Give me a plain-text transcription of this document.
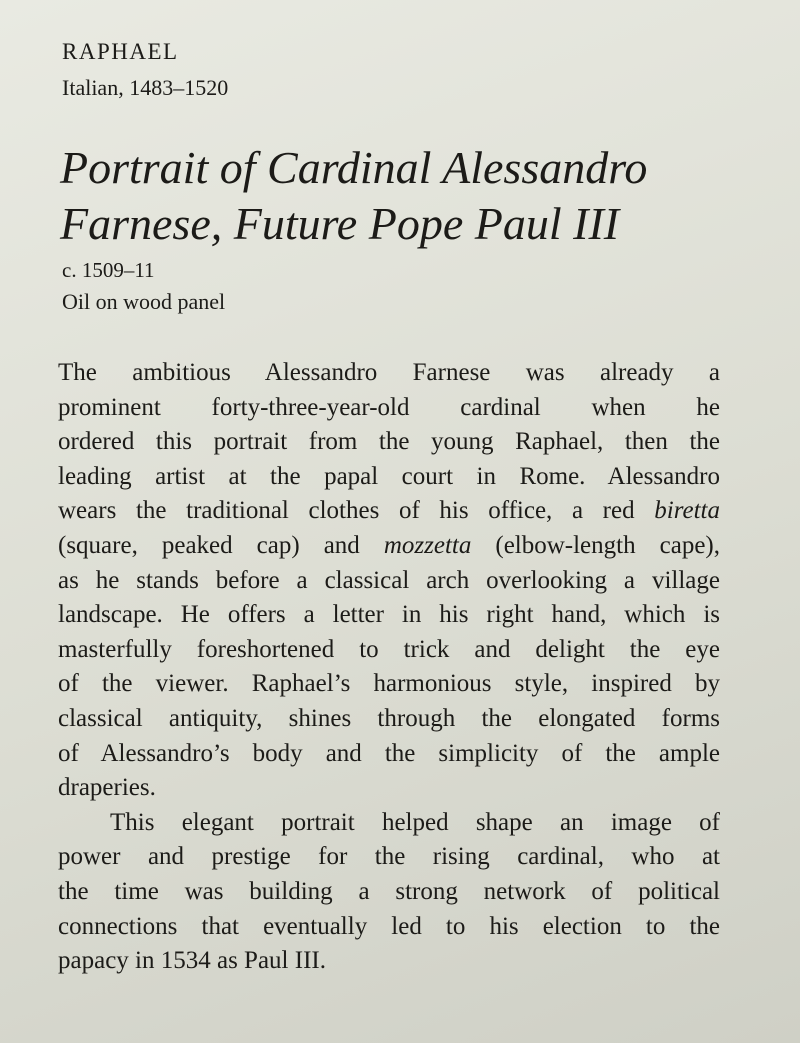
RAPHAEL
Italian, 1483–1520
Portrait of Cardinal Alessandro
Farnese, Future Pope Paul III
c. 1509–11
Oil on wood panel
The ambitious Alessandro Farnese was already a
prominent forty-three-year-old cardinal when he
ordered this portrait from the young Raphael, then the
leading artist at the papal court in Rome. Alessandro
wears the traditional clothes of his office, a red biretta
(square, peaked cap) and mozzetta (elbow-length cape),
as he stands before a classical arch overlooking a village
landscape. He offers a letter in his right hand, which is
masterfully foreshortened to trick and delight the eye
of the viewer. Raphael’s harmonious style, inspired by
classical antiquity, shines through the elongated forms
of Alessandro’s body and the simplicity of the ample
draperies.
This elegant portrait helped shape an image of
power and prestige for the rising cardinal, who at
the time was building a strong network of political
connections that eventually led to his election to the
papacy in 1534 as Paul III.
